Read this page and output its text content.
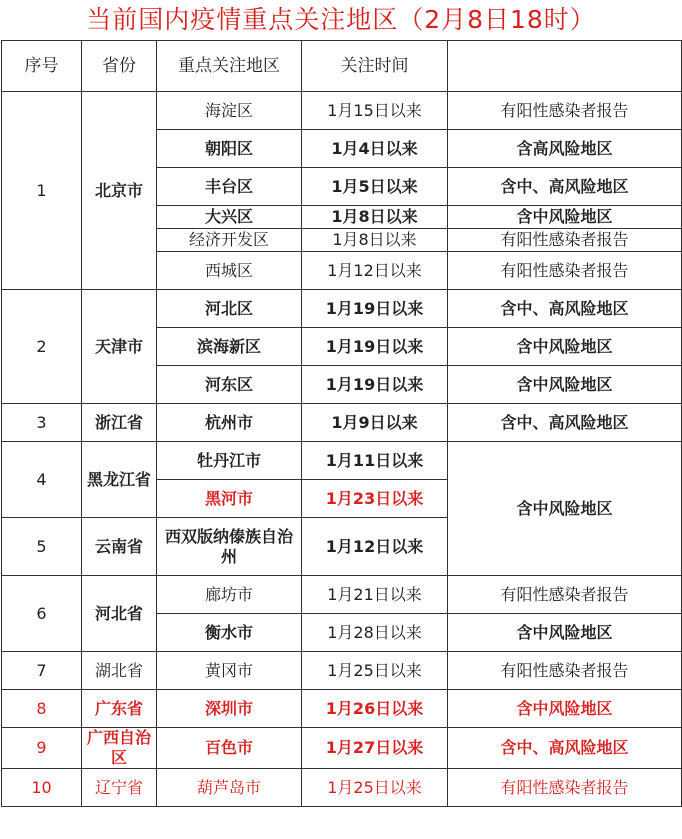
当前国内疫情重点关注地区（2月8日18时）
序号	省份	重点关注地区	关注时间	
1	北京市	海淀区	1月15日以来	有阳性感染者报告
		朝阳区	1月4日以来	含高风险地区
		丰台区	1月5日以来	含中、高风险地区
		大兴区	1月8日以来	含中风险地区
		经济开发区	1月8日以来	有阳性感染者报告
		西城区	1月12日以来	有阳性感染者报告
2	天津市	河北区	1月19日以来	含中、高风险地区
		滨海新区	1月19日以来	含中风险地区
		河东区	1月19日以来	含中风险地区
3	浙江省	杭州市	1月9日以来	含中、高风险地区
4	黑龙江省	牡丹江市	1月11日以来	含中风险地区
		黑河市	1月23日以来	
5	云南省	西双版纳傣族自治州	1月12日以来	
6	河北省	廊坊市	1月21日以来	有阳性感染者报告
		衡水市	1月28日以来	含中风险地区
7	湖北省	黄冈市	1月25日以来	有阳性感染者报告
8	广东省	深圳市	1月26日以来	含中风险地区
9	广西自治区	百色市	1月27日以来	含中、高风险地区
10	辽宁省	葫芦岛市	1月25日以来	有阳性感染者报告
